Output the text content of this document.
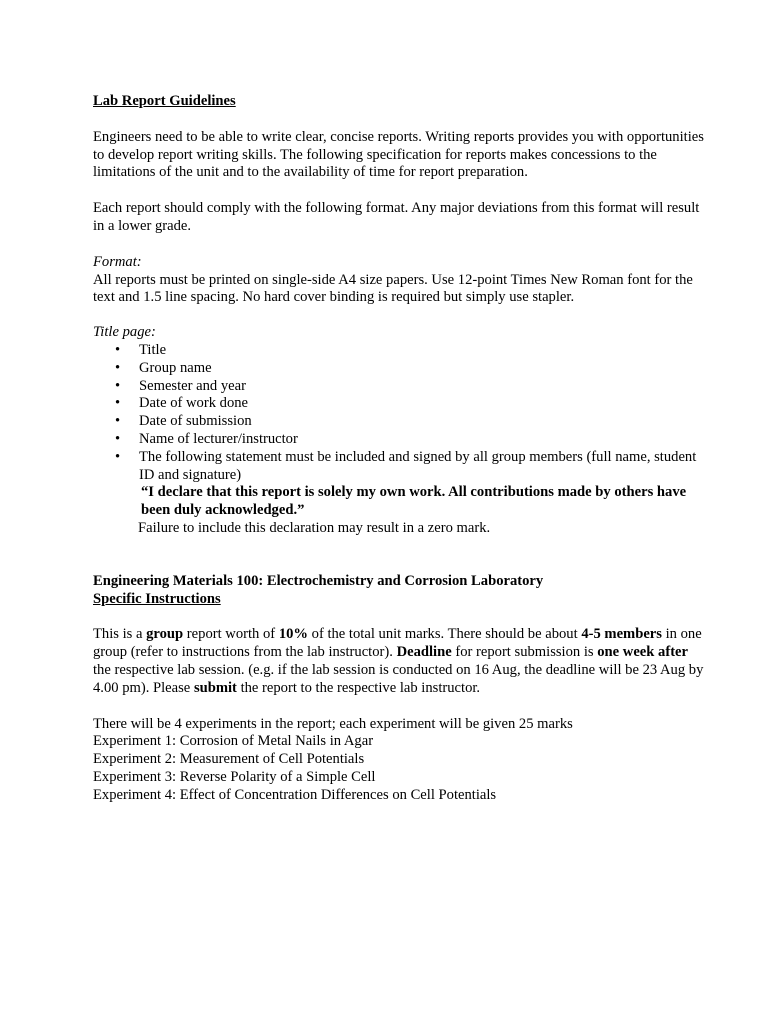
Lab Report Guidelines

Engineers need to be able to write clear, concise reports. Writing reports provides you with opportunities to develop report writing skills. The following specification for reports makes concessions to the limitations of the unit and to the availability of time for report preparation.

Each report should comply with the following format. Any major deviations from this format will result in a lower grade.

Format:

All reports must be printed on single-side A4 size papers. Use 12-point Times New Roman font for the text and 1.5 line spacing. No hard cover binding is required but simply use stapler.

Title page:

• Title
• Group name
• Semester and year
• Date of work done
• Date of submission
• Name of lecturer/instructor
• The following statement must be included and signed by all group members (full name, student ID and signature)

“I declare that this report is solely my own work. All contributions made by others have been duly acknowledged.”

Failure to include this declaration may result in a zero mark.

Engineering Materials 100: Electrochemistry and Corrosion Laboratory

Specific Instructions

This is a group report worth of 10% of the total unit marks. There should be about 4-5 members in one group (refer to instructions from the lab instructor). Deadline for report submission is one week after the respective lab session. (e.g. if the lab session is conducted on 16 Aug, the deadline will be 23 Aug by 4.00 pm). Please submit the report to the respective lab instructor.

There will be 4 experiments in the report; each experiment will be given 25 marks

Experiment 1: Corrosion of Metal Nails in Agar

Experiment 2: Measurement of Cell Potentials

Experiment 3: Reverse Polarity of a Simple Cell

Experiment 4: Effect of Concentration Differences on Cell Potentials
